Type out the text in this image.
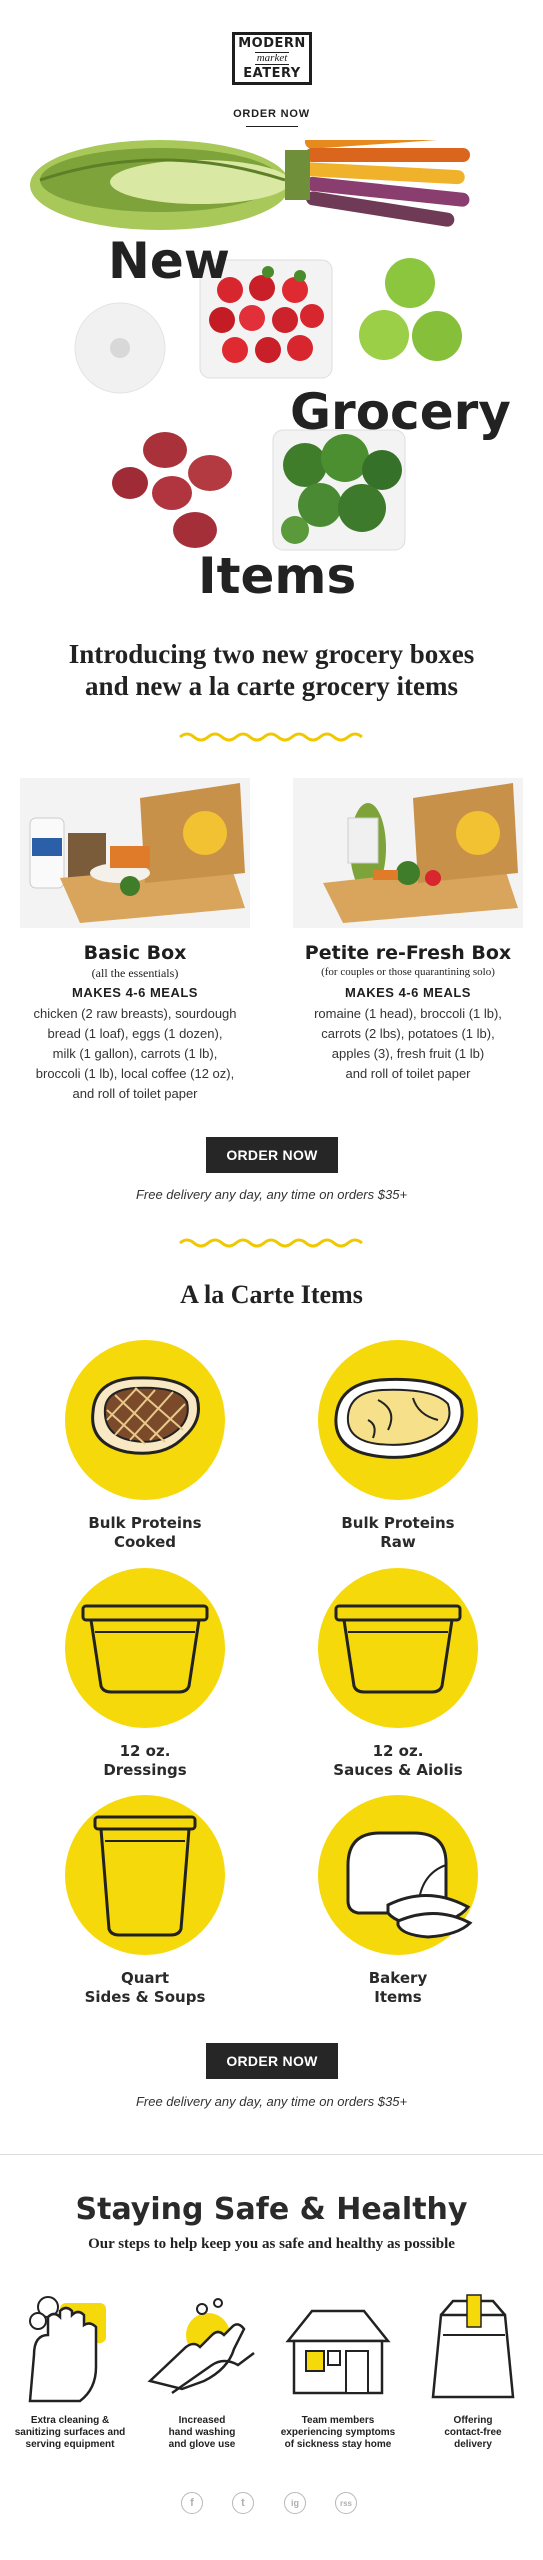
MODERN
market
EATERY
ORDER NOW
New
Grocery
Items
Introducing two new grocery boxes
and new a la carte grocery items
Basic Box
(all the essentials)
MAKES 4-6 MEALS
chicken (2 raw breasts), sourdough
bread (1 loaf), eggs (1 dozen),
milk (1 gallon), carrots (1 lb),
broccoli (1 lb), local coffee (12 oz),
and roll of toilet paper
Petite re-Fresh Box
(for couples or those quarantining solo)
MAKES 4-6 MEALS
romaine (1 head), broccoli (1 lb),
carrots (2 lbs), potatoes (1 lb),
apples (3), fresh fruit (1 lb)
and roll of toilet paper
ORDER NOW
Free delivery any day, any time on orders $35+
A la Carte Items
Bulk Proteins
Cooked
Bulk Proteins
Raw
12 oz.
Dressings
12 oz.
Sauces & Aiolis
Quart
Sides & Soups
Bakery
Items
ORDER NOW
Free delivery any day, any time on orders $35+
Staying Safe & Healthy
Our steps to help keep you as safe and healthy as possible
Extra cleaning &
sanitizing surfaces and
serving equipment
Increased
hand washing
and glove use
Team members
experiencing symptoms
of sickness stay home
Offering
contact-free
delivery
f	t	ig	rss
